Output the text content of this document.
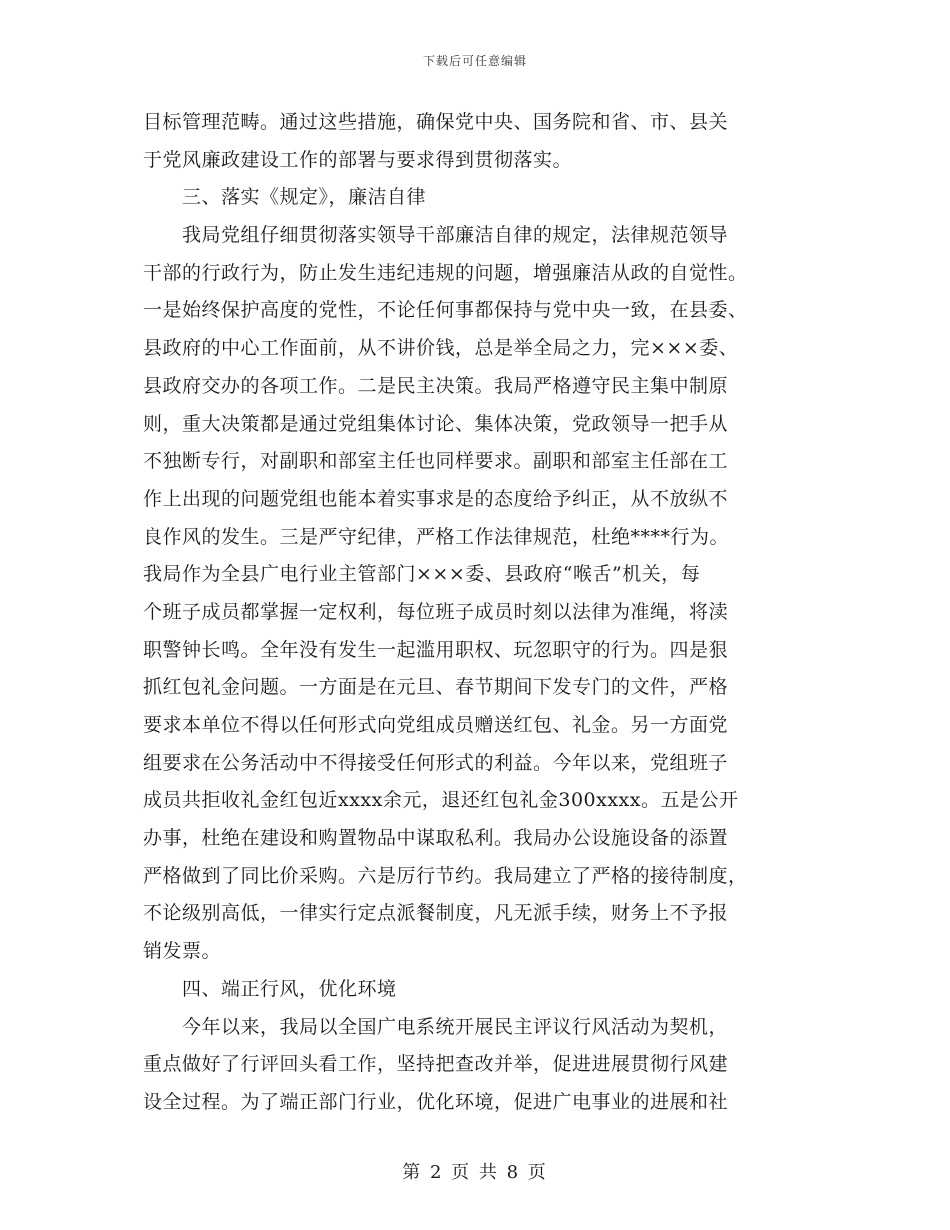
下载后可任意编辑
目标管理范畴。通过这些措施，确保党中央、国务院和省、市、县关
于党风廉政建设工作的部署与要求得到贯彻落实。
　　三、落实《规定》，廉洁自律
　　我局党组仔细贯彻落实领导干部廉洁自律的规定，法律规范领导
干部的行政行为，防止发生违纪违规的问题，增强廉洁从政的自觉性。
一是始终保护高度的党性，不论任何事都保持与党中央一致，在县委、
县政府的中心工作面前，从不讲价钱，总是举全局之力，完×××委、
县政府交办的各项工作。二是民主决策。我局严格遵守民主集中制原
则，重大决策都是通过党组集体讨论、集体决策，党政领导一把手从
不独断专行，对副职和部室主任也同样要求。副职和部室主任部在工
作上出现的问题党组也能本着实事求是的态度给予纠正，从不放纵不
良作风的发生。三是严守纪律，严格工作法律规范，杜绝****行为。
我局作为全县广电行业主管部门×××委、县政府“喉舌”机关，每
个班子成员都掌握一定权利，每位班子成员时刻以法律为准绳，将渎
职警钟长鸣。全年没有发生一起滥用职权、玩忽职守的行为。四是狠
抓红包礼金问题。一方面是在元旦、春节期间下发专门的文件，严格
要求本单位不得以任何形式向党组成员赠送红包、礼金。另一方面党
组要求在公务活动中不得接受任何形式的利益。今年以来，党组班子
成员共拒收礼金红包近xxxx余元，退还红包礼金300xxxx。五是公开
办事，杜绝在建设和购置物品中谋取私利。我局办公设施设备的添置
严格做到了同比价采购。六是厉行节约。我局建立了严格的接待制度，
不论级别高低，一律实行定点派餐制度，凡无派手续，财务上不予报
销发票。
　　四、端正行风，优化环境
　　今年以来，我局以全国广电系统开展民主评议行风活动为契机，
重点做好了行评回头看工作，坚持把查改并举，促进进展贯彻行风建
设全过程。为了端正部门行业，优化环境，促进广电事业的进展和社
第 2 页 共 8 页
